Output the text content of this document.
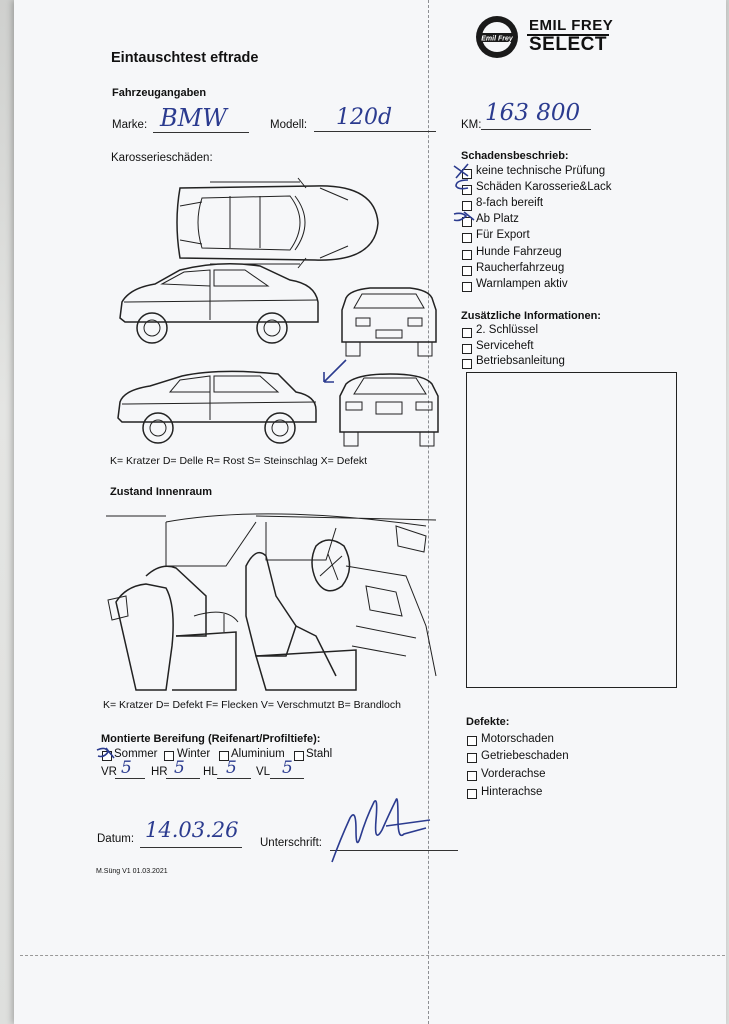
Eintauschtest eftrade
Emil Frey
EMIL FREY
SELECT
Fahrzeugangaben
Marke: BMW	Modell: 120d	KM: 163 800
Karosserieschäden:
K= Kratzer D= Delle R= Rost S= Steinschlag X= Defekt
Zustand Innenraum
K= Kratzer D= Defekt F= Flecken V= Verschmutzt B= Brandloch
Schadensbeschrieb:
keine technische Prüfung
Schäden Karosserie&Lack
8-fach bereift
Ab Platz
Für Export
Hunde Fahrzeug
Raucherfahrzeug
Warnlampen aktiv
Zusätzliche Informationen:
2. Schlüssel
Serviceheft
Betriebsanleitung
Defekte:
Motorschaden
Getriebeschaden
Vorderachse
Hinterachse
Montierte Bereifung (Reifenart/Profiltiefe):
Sommer Winter Aluminium Stahl
VR 5 HR 5 HL 5 VL 5
Datum: 14.03.26
Unterschrift:
M.Süng V1 01.03.2021
